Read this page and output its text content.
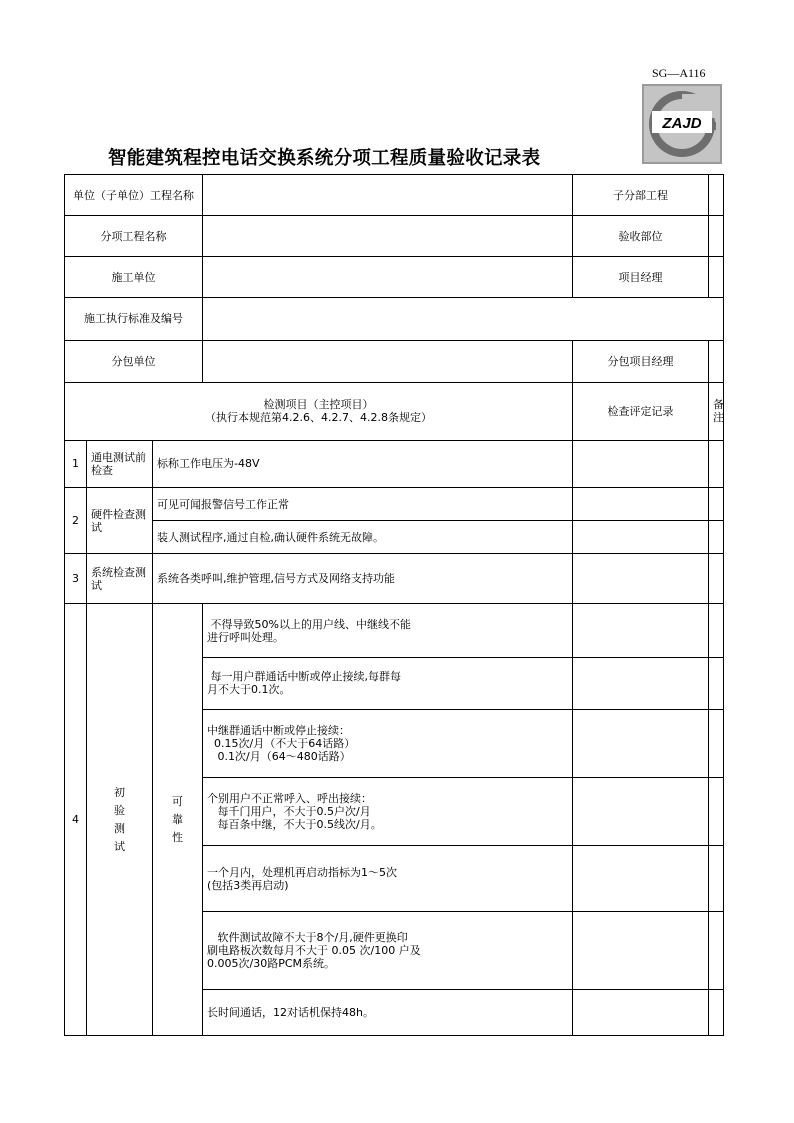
SG—A116
ZAJD
智能建筑程控电话交换系统分项工程质量验收记录表
单位（子单位）工程名称				子分部工程	
分项工程名称				验收部位	
施工单位				项目经理	
施工执行标准及编号					
分包单位				分包项目经理	

检测项目（主控项目）
（执行本规范第4.2.6、4.2.7、4.2.8条规定）				检查评定记录	备注
1	通电测试前检查	标称工作电压为-48V			
2	硬件检查测试	可见可闻报警信号工作正常			
		装人测试程序,通过自检,确认硬件系统无故障。			
3	系统检查测试	系统各类呼叫,维护管理,信号方式及网络支持功能			
4	初
验
测
试	可
靠
性	不得导致50%以上的用户线、中继线不能
进行呼叫处理。		

			每一用户群通话中断或停止接续,每群每
月不大于0.1次。		

			中继群通话中断或停止接续：
0.15次/月（不大于64话路）
0.1次/月（64～480话路）		

			个别用户不正常呼入、呼出接续：
每千门用户，不大于0.5户次/月
每百条中继，不大于0.5线次/月。		

			一个月内，处理机再启动指标为1～5次
(包括3类再启动)		

			软件测试故障不大于8个/月,硬件更换印
刷电路板次数每月不大于 0.05 次/100 户及
0.005次/30路PCM系统。		

			长时间通话，12对话机保持48h。		
